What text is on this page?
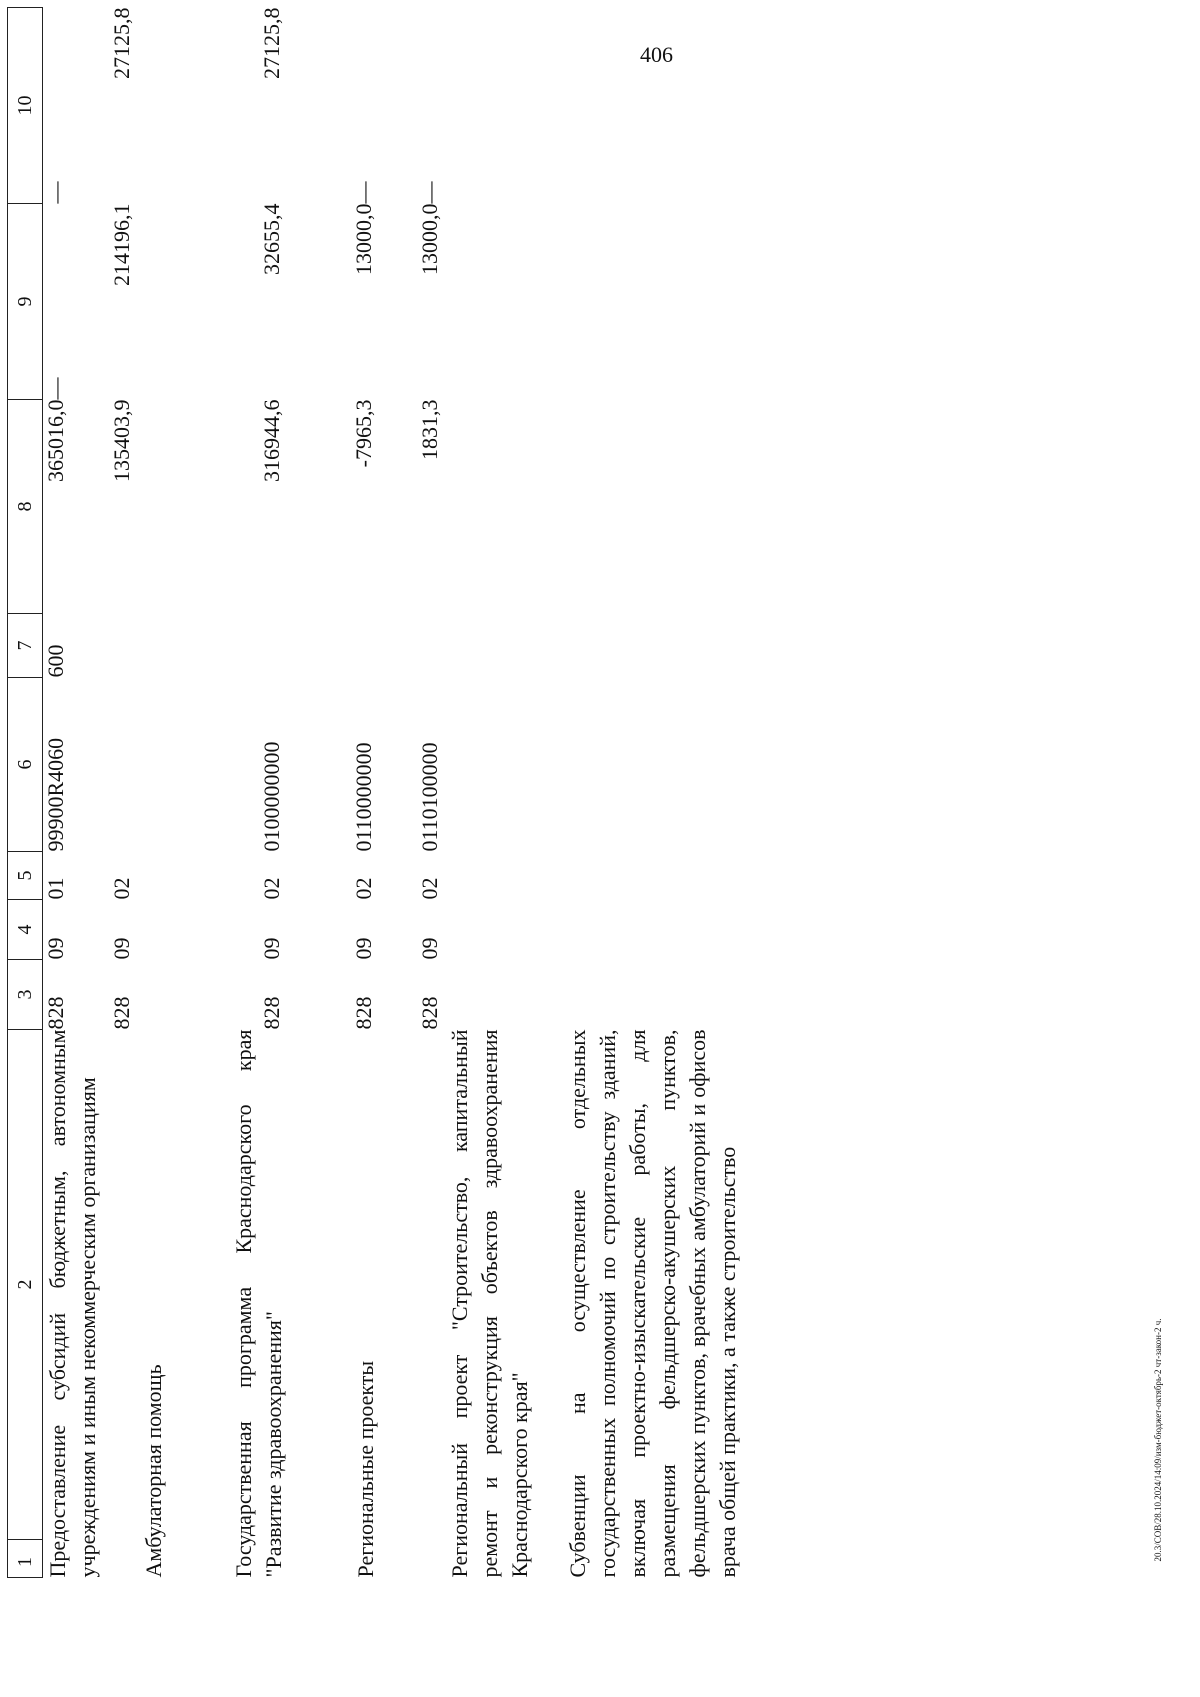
406
20.3/СОВ/28.10.2024/14:09/изм-бюджет-октябрь-2 чт-закон-2 ч.
1	2	3	4	5	6	7	8	9	10
Предоставление субсидий бюджетным, автономным учреждениям и иным некоммерческим организациям		828	09	01	99900R4060	600	365016,0	—	—
Амбулаторная помощь		828	09	02			135403,9	214196,1	27125,8
Государственная программа Краснодарского края "Развитие здравоохранения"		828	09	02	0100000000		316944,6	32655,4	27125,8
Региональные проекты		828	09	02	0110000000		-7965,3	13000,0	—
Региональный проект "Строительство, капитальный ремонт и реконструкция объектов здравоохранения Краснодарского края"		828	09	02	0110100000		1831,3	13000,0	—
Субвенции на осуществление отдельных государственных полномочий по строительству зданий, включая проектно-изыскательские работы, для размещения фельдшерско-акушерских пунктов, фельдшерских пунктов, врачебных амбулаторий и офисов врача общей практики, а также строительство									
